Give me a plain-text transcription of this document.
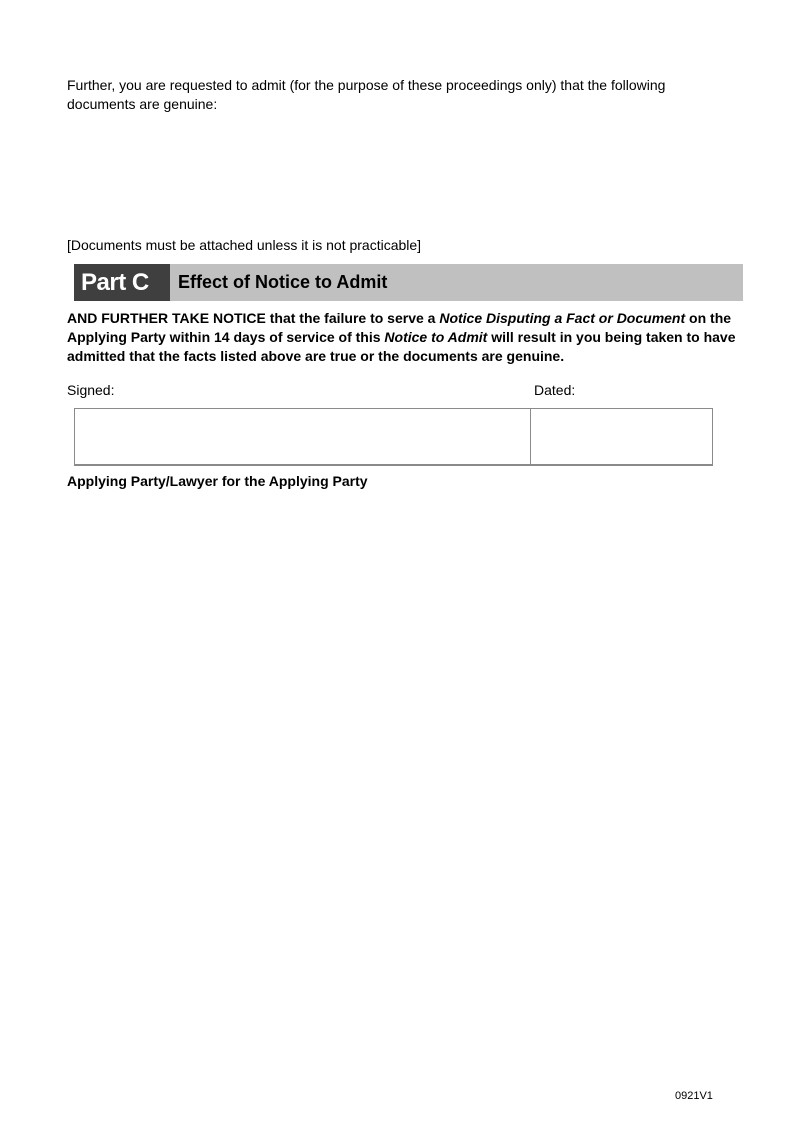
Further, you are requested to admit (for the purpose of these proceedings only) that the following documents are genuine:
[Documents must be attached unless it is not practicable]
Part C	Effect of Notice to Admit
AND FURTHER TAKE NOTICE that the failure to serve a Notice Disputing a Fact or Document on the Applying Party within 14 days of service of this Notice to Admit will result in you being taken to have admitted that the facts listed above are true or the documents are genuine.
Signed:	Dated:
Applying Party/Lawyer for the Applying Party
0921V1
